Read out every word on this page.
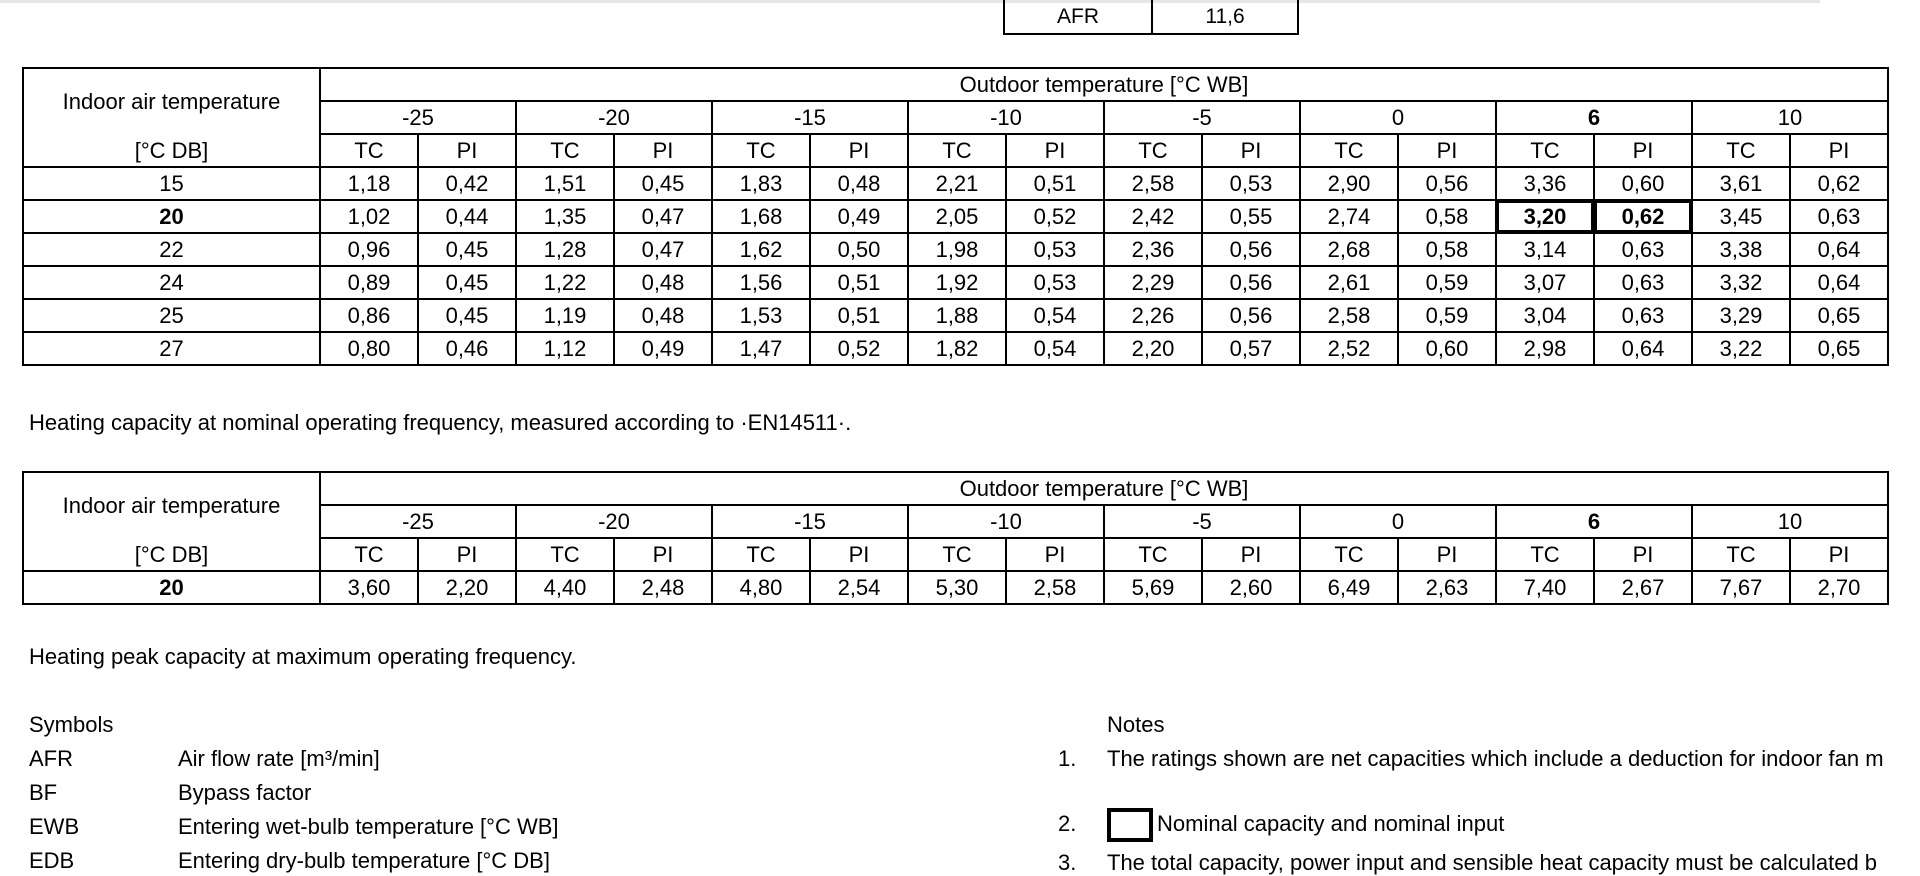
AFR	11,6
Indoor air temperature	Outdoor temperature [°C WB]															
	-25		-20		-15		-10		-5		0		6		10	
[°C DB]	TC	PI	TC	PI	TC	PI	TC	PI	TC	PI	TC	PI	TC	PI	TC	PI
15	1,18	0,42	1,51	0,45	1,83	0,48	2,21	0,51	2,58	0,53	2,90	0,56	3,36	0,60	3,61	0,62
20	1,02	0,44	1,35	0,47	1,68	0,49	2,05	0,52	2,42	0,55	2,74	0,58	3,20	0,62	3,45	0,63
22	0,96	0,45	1,28	0,47	1,62	0,50	1,98	0,53	2,36	0,56	2,68	0,58	3,14	0,63	3,38	0,64
24	0,89	0,45	1,22	0,48	1,56	0,51	1,92	0,53	2,29	0,56	2,61	0,59	3,07	0,63	3,32	0,64
25	0,86	0,45	1,19	0,48	1,53	0,51	1,88	0,54	2,26	0,56	2,58	0,59	3,04	0,63	3,29	0,65
27	0,80	0,46	1,12	0,49	1,47	0,52	1,82	0,54	2,20	0,57	2,52	0,60	2,98	0,64	3,22	0,65
Heating capacity at nominal operating frequency, measured according to ·EN14511·.
Indoor air temperature	Outdoor temperature [°C WB]															
	-25		-20		-15		-10		-5		0		6		10	
[°C DB]	TC	PI	TC	PI	TC	PI	TC	PI	TC	PI	TC	PI	TC	PI	TC	PI
20	3,60	2,20	4,40	2,48	4,80	2,54	5,30	2,58	5,69	2,60	6,49	2,63	7,40	2,67	7,67	2,70
Heating peak capacity at maximum operating frequency.
Symbols
AFR	Air flow rate [m³/min]
BF	Bypass factor
EWB	Entering wet-bulb temperature [°C WB]
EDB	Entering dry-bulb temperature [°C DB]
Notes
1. The ratings shown are net capacities which include a deduction for indoor fan m
2.	Nominal capacity and nominal input
3. The total capacity, power input and sensible heat capacity must be calculated b
